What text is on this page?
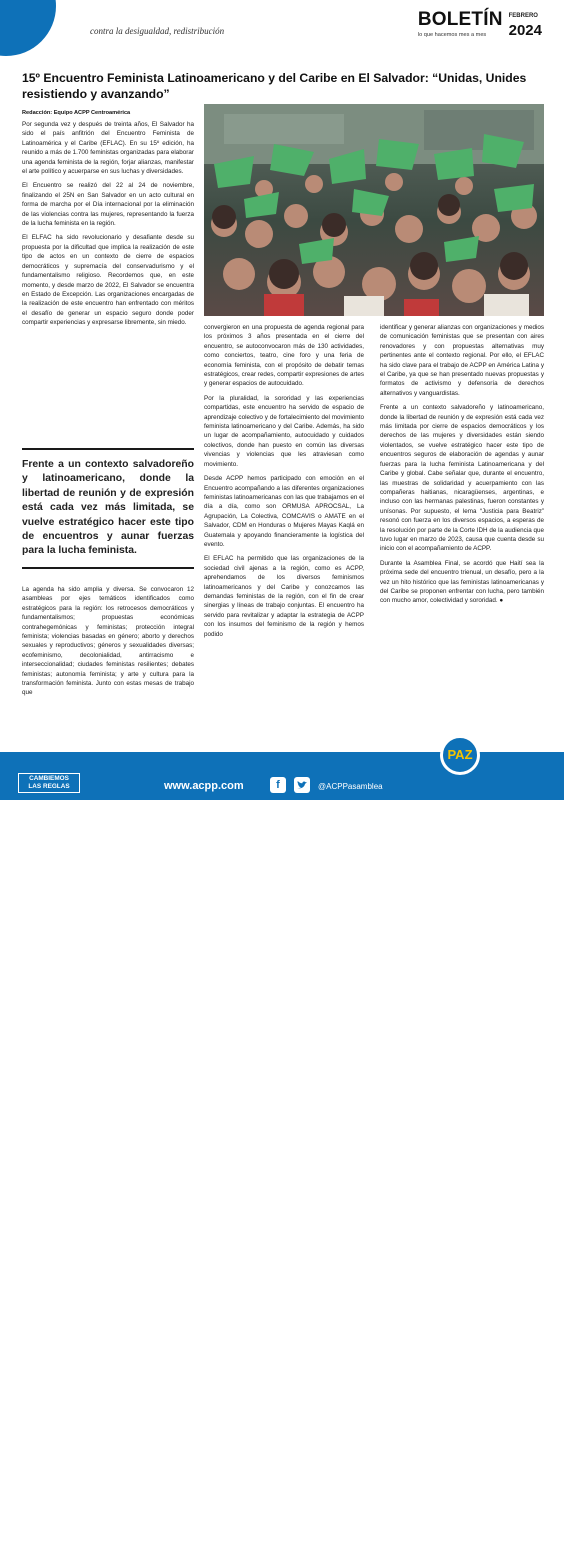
contra la desigualdad, redistribución
BOLETÍN
lo que hacemos mes a mes
FEBRERO
2024
15º Encuentro Feminista Latinoamericano y del Caribe en El Salvador: “Unidas, Unides resistiendo y avanzando”
Redacción: Equipo ACPP Centroamérica

Por segunda vez y después de treinta años, El Salvador ha sido el país anfitrión del Encuentro Feminista de Latinoamérica y el Caribe (EFLAC). En su 15º edición, ha reunido a más de 1.700 feministas organizadas para elaborar una agenda feminista de la región, forjar alianzas, manifestar el arte político y acuerparse en sus luchas y diversidades.

El Encuentro se realizó del 22 al 24 de noviembre, finalizando el 25N en San Salvador en un acto cultural en forma de marcha por el Día internacional por la eliminación de las violencias contra las mujeres, representando la fuerza de la lucha feminista en la región.

El ELFAC ha sido revolucionario y desafiante desde su propuesta por la dificultad que implica la realización de este tipo de actos en un contexto de cierre de espacios democráticos y supremacía del conservadurismo y el fundamentalismo religioso. Recordemos que, en este momento, y desde marzo de 2022, El Salvador se encuentra en Estado de Excepción. Las organizaciones encargadas de la realización de este encuentro han enfrentado con méritos el desafío de generar un espacio seguro donde poder compartir experiencias y expresarse libremente, sin miedo.

Frente a un contexto salvadoreño y latinoamericano, donde la libertad de reunión y de expresión está cada vez más limitada, se vuelve estratégico hacer este tipo de encuentros y aunar fuerzas para la lucha feminista.

La agenda ha sido amplia y diversa. Se convocaron 12 asambleas por ejes temáticos identificados como estratégicos para la región: los retrocesos democráticos y fundamentalismos; propuestas económicas contrahegemónicas y feministas; protección integral feminista; violencias basadas en género; aborto y derechos sexuales y reproductivos; géneros y sexualidades diversas; ecofeminismo, decolonialidad, antirracismo e interseccionalidad; ciudades feministas resilientes; debates feministas; autonomía feminista; y arte y cultura para la transformación feminista. Junto con estas mesas de trabajo que

convergieron en una propuesta de agenda regional para los próximos 3 años presentada en el cierre del encuentro, se autoconvocaron más de 130 actividades, como conciertos, teatro, cine foro y una feria de economía feminista, con el propósito de debatir temas estratégicos, crear redes, compartir expresiones de artes y generar espacios de autocuidado.

Por la pluralidad, la sororidad y las experiencias compartidas, este encuentro ha servido de espacio de aprendizaje colectivo y de fortalecimiento del movimiento feminista latinoamericano y del Caribe. Además, ha sido un lugar de acompañamiento, autocuidado y cuidados colectivos, donde han puesto en común las diversas vivencias y violencias que les atraviesan como movimiento.

Desde ACPP hemos participado con emoción en el Encuentro acompañando a las diferentes organizaciones feministas latinoamericanas con las que trabajamos en el día a día, como son ORMUSA APROCSAL, La Agrupación, La Colectiva, COMCAVIS o AMATE en el Salvador, CDM en Honduras o Mujeres Mayas Kaqlá en Guatemala y apoyando financieramente la logística del evento.

El EFLAC ha permitido que las organizaciones de la sociedad civil ajenas a la región, como es ACPP, aprehendamos de los diversos feminismos latinoamericanos y del Caribe y conozcamos las demandas feministas de la región, con el fin de crear sinergias y líneas de trabajo conjuntas. El encuentro ha servido para revitalizar y adaptar la estrategia de ACPP con los insumos del feminismo de la región y hemos podido

identificar y generar alianzas con organizaciones y medios de comunicación feministas que se presentan con aires renovadores y con propuestas alternativas muy pertinentes ante el contexto regional. Por ello, el EFLAC ha sido clave para el trabajo de ACPP en América Latina y el Caribe, ya que se han presentado nuevas propuestas y formatos de activismo y defensoría de derechos alternativos y vanguardistas.

Frente a un contexto salvadoreño y latinoamericano, donde la libertad de reunión y de expresión está cada vez más limitada por cierre de espacios democráticos y los derechos de las mujeres y diversidades están siendo violentados, se vuelve estratégico hacer este tipo de encuentros seguros de elaboración de agendas y aunar fuerzas para la lucha feminista Latinoamericana y del Caribe y global. Cabe señalar que, durante el encuentro, las muestras de solidaridad y acuerpamiento con las compañeras haitianas, nicaragüenses, argentinas, e incluso con las hermanas palestinas, fueron constantes y unísonas. Por supuesto, el lema “Justicia para Beatriz” resonó con fuerza en los diversos espacios, a esperas de la resolución por parte de la Corte IDH de la audiencia que tuvo lugar en marzo de 2023, causa que cuenta desde su inicio con el acompañamiento de ACPP.

Durante la Asamblea Final, se acordó que Haití sea la próxima sede del encuentro trienual, un desafío, pero a la vez un hito histórico que las feministas latinoamericanas y del Caribe se proponen enfrentar con lucha, pero también con mucho amor, colectividad y sororidad. ●

CAMBIEMOS
LAS REGLAS	www.acpp.com	f	@ACPPasamblea
Asamblea de
Cooperación
por la Paz
PAZ
